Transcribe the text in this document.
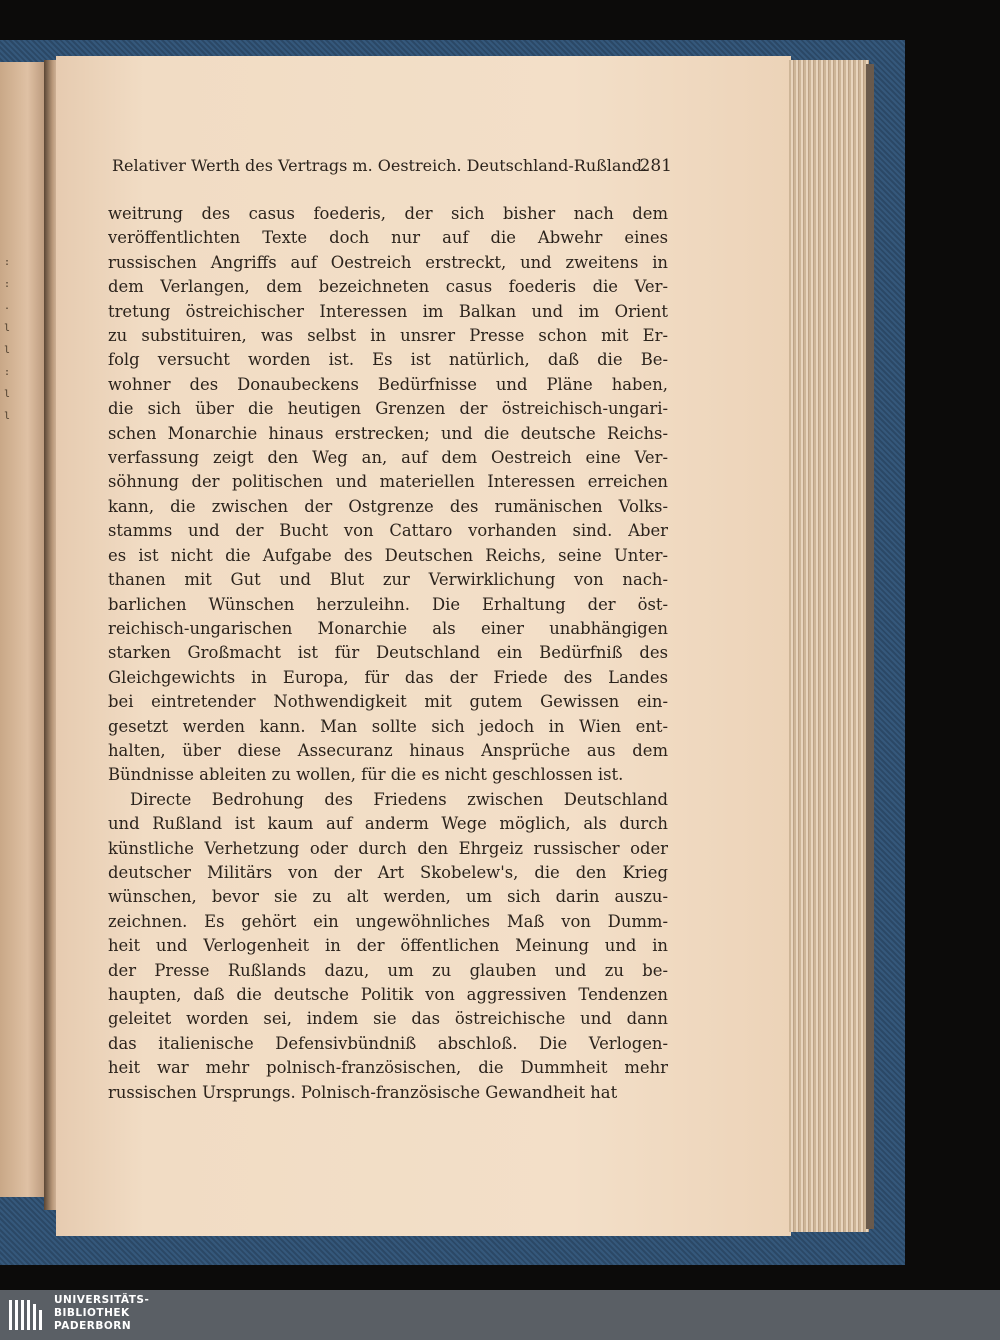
:
:
.
l
l
:
l
l
Relativer Werth des Vertrags m. Oestreich. Deutschland-Rußland.
281
weitrung des casus foederis, der sich bisher nach dem
veröffentlichten Texte doch nur auf die Abwehr eines
russischen Angriffs auf Oestreich erstreckt, und zweitens in
dem Verlangen, dem bezeichneten casus foederis die Ver-
tretung östreichischer Interessen im Balkan und im Orient
zu substituiren, was selbst in unsrer Presse schon mit Er-
folg versucht worden ist. Es ist natürlich, daß die Be-
wohner des Donaubeckens Bedürfnisse und Pläne haben,
die sich über die heutigen Grenzen der östreichisch-ungari-
schen Monarchie hinaus erstrecken; und die deutsche Reichs-
verfassung zeigt den Weg an, auf dem Oestreich eine Ver-
söhnung der politischen und materiellen Interessen erreichen
kann, die zwischen der Ostgrenze des rumänischen Volks-
stamms und der Bucht von Cattaro vorhanden sind. Aber
es ist nicht die Aufgabe des Deutschen Reichs, seine Unter-
thanen mit Gut und Blut zur Verwirklichung von nach-
barlichen Wünschen herzuleihn. Die Erhaltung der öst-
reichisch-ungarischen Monarchie als einer unabhängigen
starken Großmacht ist für Deutschland ein Bedürfniß des
Gleichgewichts in Europa, für das der Friede des Landes
bei eintretender Nothwendigkeit mit gutem Gewissen ein-
gesetzt werden kann. Man sollte sich jedoch in Wien ent-
halten, über diese Assecuranz hinaus Ansprüche aus dem
Bündnisse ableiten zu wollen, für die es nicht geschlossen ist.
Directe Bedrohung des Friedens zwischen Deutschland
und Rußland ist kaum auf anderm Wege möglich, als durch
künstliche Verhetzung oder durch den Ehrgeiz russischer oder
deutscher Militärs von der Art Skobelew's, die den Krieg
wünschen, bevor sie zu alt werden, um sich darin auszu-
zeichnen. Es gehört ein ungewöhnliches Maß von Dumm-
heit und Verlogenheit in der öffentlichen Meinung und in
der Presse Rußlands dazu, um zu glauben und zu be-
haupten, daß die deutsche Politik von aggressiven Tendenzen
geleitet worden sei, indem sie das östreichische und dann
das italienische Defensivbündniß abschloß. Die Verlogen-
heit war mehr polnisch-französischen, die Dummheit mehr
russischen Ursprungs. Polnisch-französische Gewandheit hat
UNIVERSITÄTS-
BIBLIOTHEK
PADERBORN
